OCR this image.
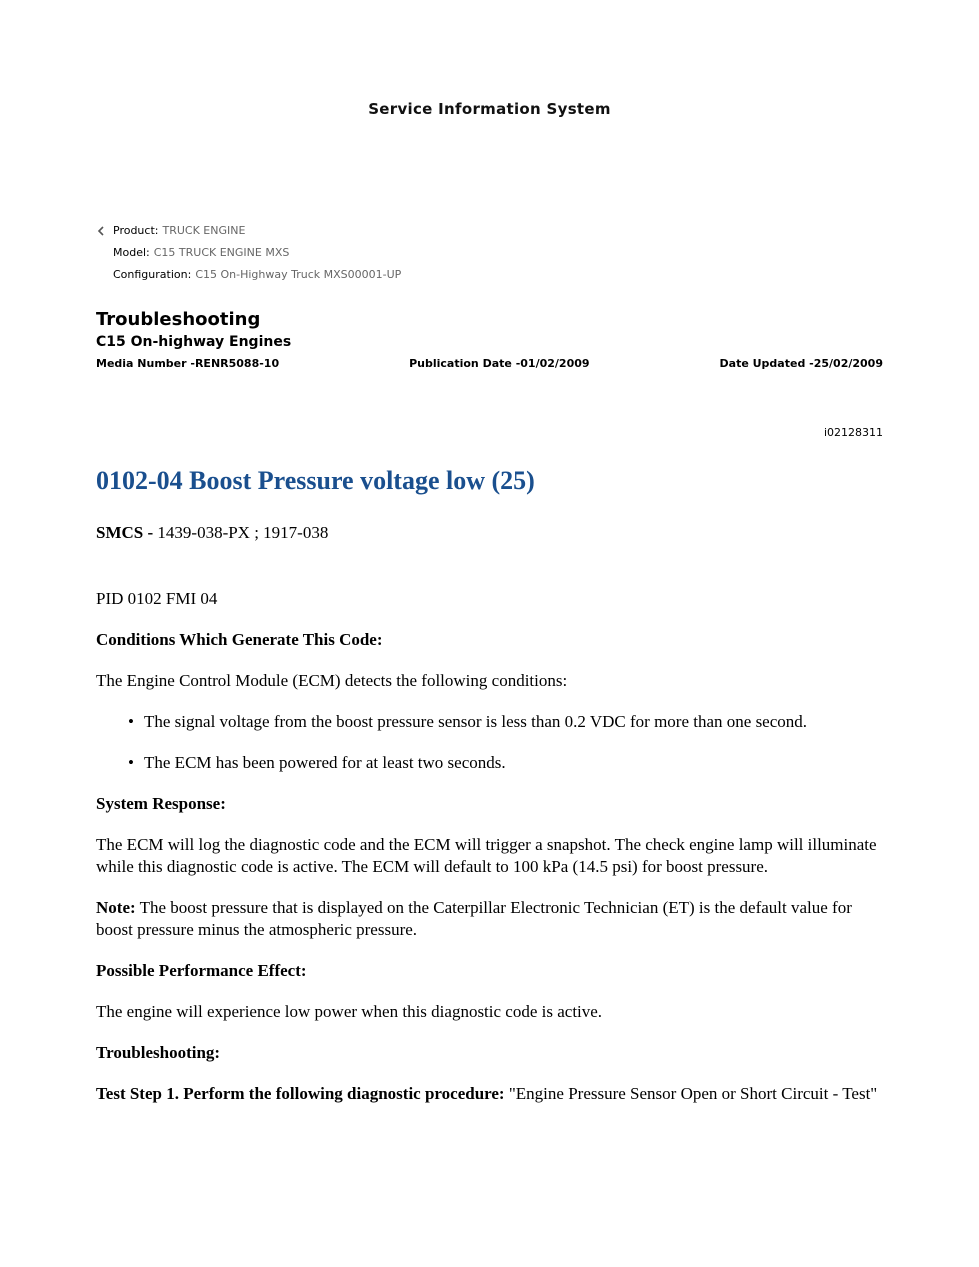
Service Information System
Product: TRUCK ENGINE
Model: C15 TRUCK ENGINE MXS
Configuration: C15 On-Highway Truck MXS00001-UP

Troubleshooting

C15 On-highway Engines

Media Number -RENR5088-10	Publication Date -01/02/2009	Date Updated -25/02/2009
i02128311
0102-04 Boost Pressure voltage low (25)

SMCS - 1439-038-PX ; 1917-038

PID 0102 FMI 04

Conditions Which Generate This Code:

The Engine Control Module (ECM) detects the following conditions:

• The signal voltage from the boost pressure sensor is less than 0.2 VDC for more than one second.
• The ECM has been powered for at least two seconds.

System Response:

The ECM will log the diagnostic code and the ECM will trigger a snapshot. The check engine lamp will illuminate while this diagnostic code is active. The ECM will default to 100 kPa (14.5 psi) for boost pressure.

Note: The boost pressure that is displayed on the Caterpillar Electronic Technician (ET) is the default value for boost pressure minus the atmospheric pressure.

Possible Performance Effect:

The engine will experience low power when this diagnostic code is active.

Troubleshooting:

Test Step 1. Perform the following diagnostic procedure: "Engine Pressure Sensor Open or Short Circuit - Test"
